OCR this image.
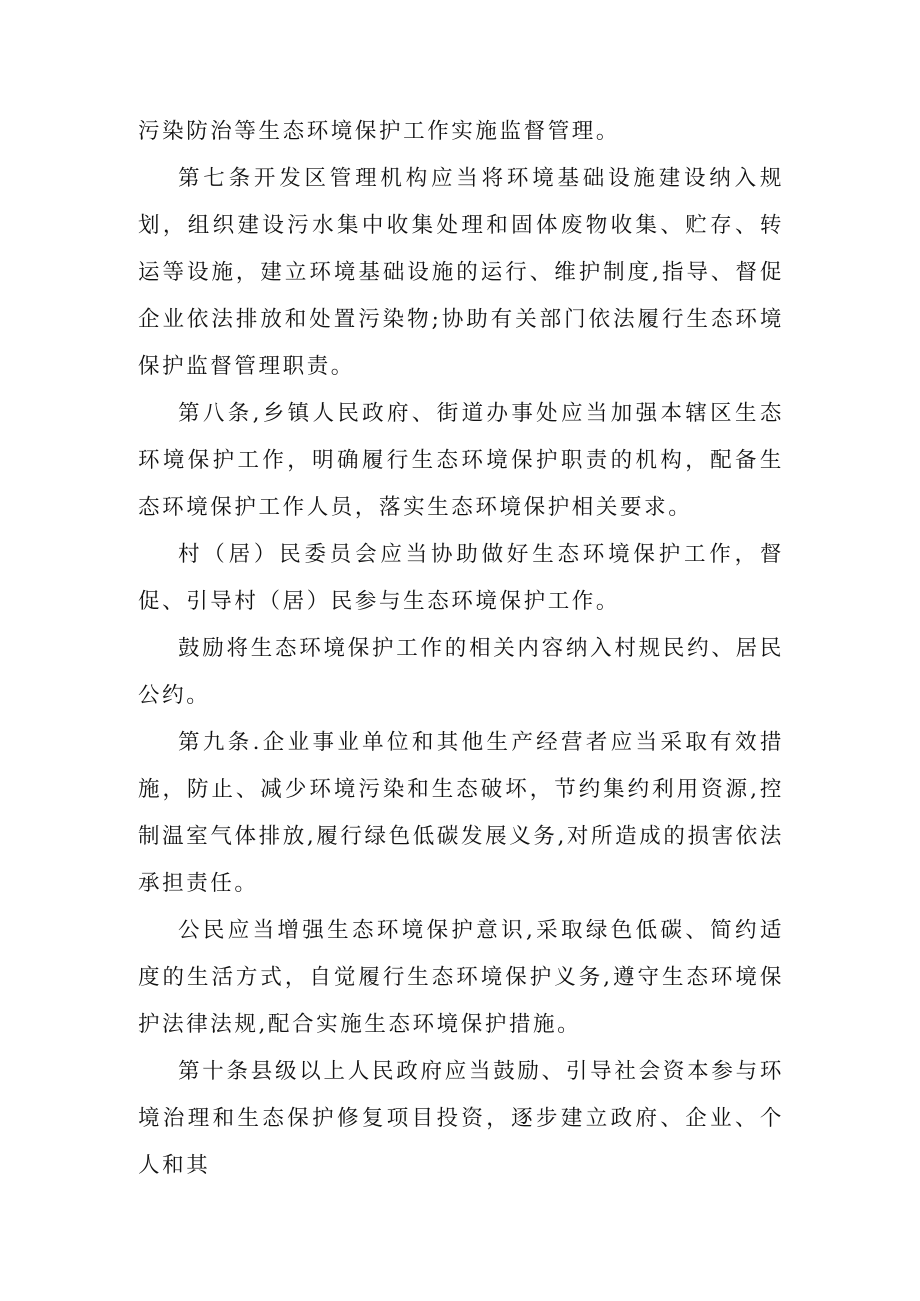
污染防治等生态环境保护工作实施监督管理。

第七条开发区管理机构应当将环境基础设施建设纳入规划，组织建设污水集中收集处理和固体废物收集、贮存、转运等设施，建立环境基础设施的运行、维护制度,指导、督促企业依法排放和处置污染物;协助有关部门依法履行生态环境保护监督管理职责。

第八条,乡镇人民政府、街道办事处应当加强本辖区生态环境保护工作，明确履行生态环境保护职责的机构，配备生态环境保护工作人员，落实生态环境保护相关要求。

村（居）民委员会应当协助做好生态环境保护工作，督促、引导村（居）民参与生态环境保护工作。

鼓励将生态环境保护工作的相关内容纳入村规民约、居民公约。

第九条.企业事业单位和其他生产经营者应当采取有效措施，防止、减少环境污染和生态破坏，节约集约利用资源,控制温室气体排放,履行绿色低碳发展义务,对所造成的损害依法承担责任。

公民应当增强生态环境保护意识,采取绿色低碳、简约适度的生活方式，自觉履行生态环境保护义务,遵守生态环境保护法律法规,配合实施生态环境保护措施。

第十条县级以上人民政府应当鼓励、引导社会资本参与环境治理和生态保护修复项目投资，逐步建立政府、企业、个人和其
